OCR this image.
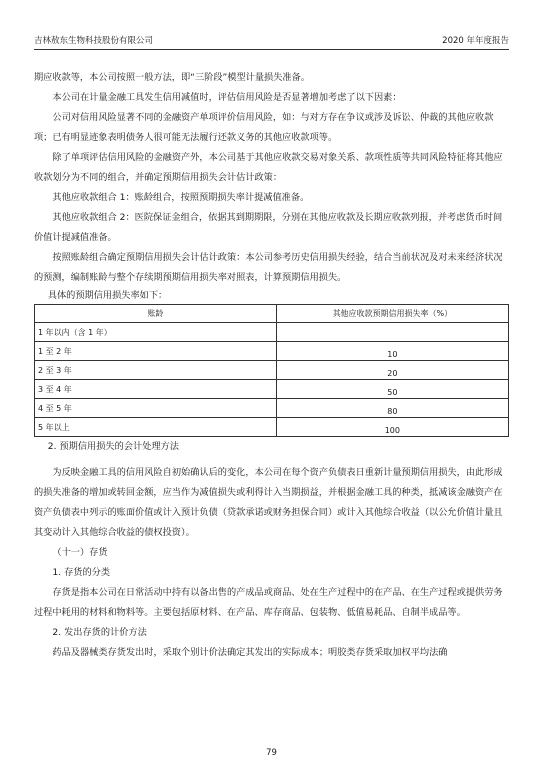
吉林敖东生物科技股份有限公司	2020 年年度报告

期应收款等，本公司按照一般方法，即“三阶段”模型计量损失准备。

本公司在计量金融工具发生信用减值时，评估信用风险是否显著增加考虑了以下因素：

公司对信用风险显著不同的金融资产单项评价信用风险，如：与对方存在争议或涉及诉讼、仲裁的其他应收款项；已有明显迹象表明债务人很可能无法履行还款义务的其他应收款项等。

除了单项评估信用风险的金融资产外，本公司基于其他应收款交易对象关系、款项性质等共同风险特征将其他应收款划分为不同的组合，并确定预期信用损失会计估计政策：

其他应收款组合 1：账龄组合，按照预期损失率计提减值准备。

其他应收款组合 2：医院保证金组合，依据其到期期限，分别在其他应收款及长期应收款列报，并考虑货币时间价值计提减值准备。

按照账龄组合确定预期信用损失会计估计政策：本公司参考历史信用损失经验，结合当前状况及对未来经济状况的预测，编制账龄与整个存续期预期信用损失率对照表，计算预期信用损失。

具体的预期信用损失率如下：

账龄	其他应收款预期信用损失率（%）
1 年以内（含 1 年）	
1 至 2 年	10
2 至 3 年	20
3 至 4 年	50
4 至 5 年	80
5 年以上	100

2. 预期信用损失的会计处理方法

为反映金融工具的信用风险自初始确认后的变化，本公司在每个资产负债表日重新计量预期信用损失，由此形成的损失准备的增加或转回金额，应当作为减值损失或利得计入当期损益，并根据金融工具的种类，抵减该金融资产在资产负债表中列示的账面价值或计入预计负债（贷款承诺或财务担保合同）或计入其他综合收益（以公允价值计量且其变动计入其他综合收益的债权投资）。

（十一）存货

1. 存货的分类

存货是指本公司在日常活动中持有以备出售的产成品或商品、处在生产过程中的在产品、在生产过程或提供劳务过程中耗用的材料和物料等。主要包括原材料、在产品、库存商品、包装物、低值易耗品、自制半成品等。

2. 发出存货的计价方法

药品及器械类存货发出时，采取个别计价法确定其发出的实际成本；明胶类存货采取加权平均法确

79
